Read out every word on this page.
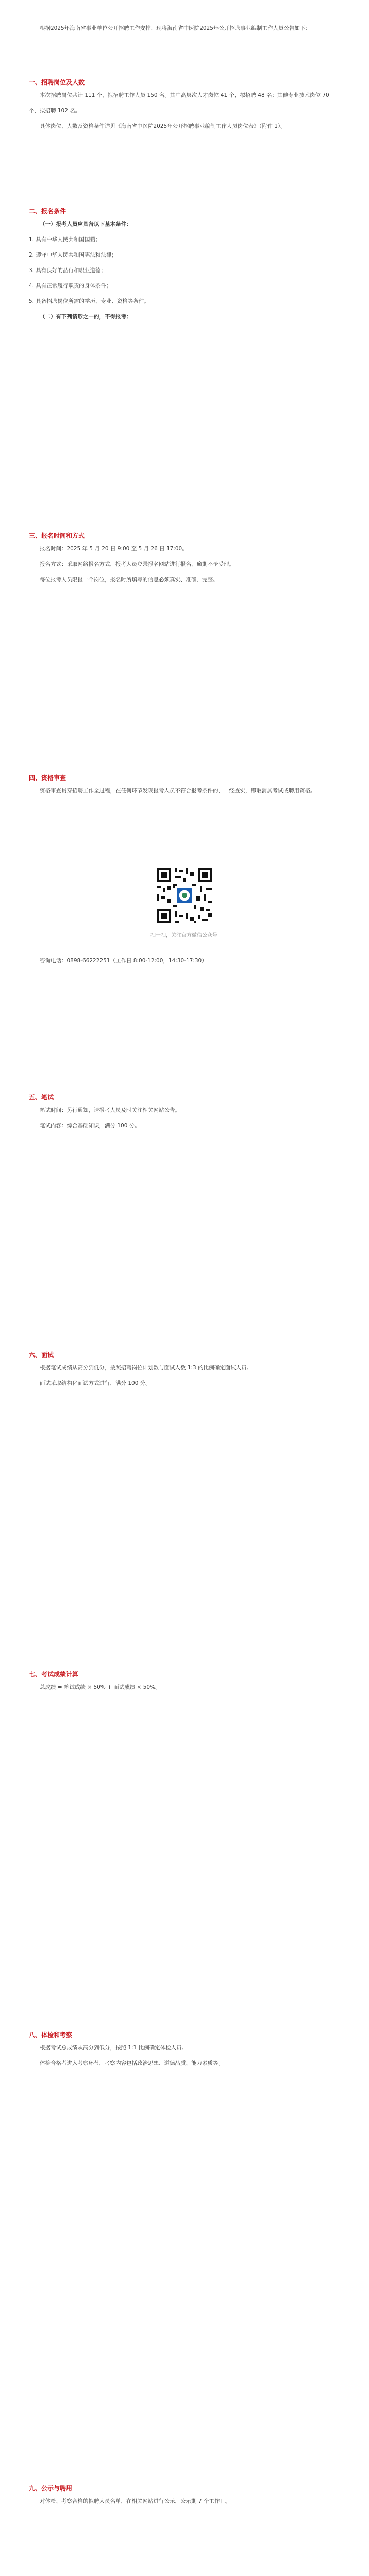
根据2025年海南省事业单位公开招聘工作安排，现将海南省中医院2025年公开招聘事业编制工作人员公告如下：

一、招聘岗位及人数

本次招聘岗位共计 111 个，拟招聘工作人员 150 名。其中高层次人才岗位 41 个，拟招聘 48 名；其他专业技术岗位 70 个，拟招聘 102 名。

具体岗位、人数及资格条件详见《海南省中医院2025年公开招聘事业编制工作人员岗位表》（附件 1）。

二、报名条件

（一）报考人员应具备以下基本条件：

1. 具有中华人民共和国国籍；

2. 遵守中华人民共和国宪法和法律；

3. 具有良好的品行和职业道德；

4. 具有正常履行职责的身体条件；

5. 具备招聘岗位所需的学历、专业、资格等条件。

（二）有下列情形之一的，不得报考：

三、报名时间和方式

报名时间：2025 年 5 月 20 日 9:00 至 5 月 26 日 17:00。

报名方式：采取网络报名方式，报考人员登录报名网站进行报名，逾期不予受理。

每位报考人员限报一个岗位，报名时所填写的信息必须真实、准确、完整。

四、资格审查

资格审查贯穿招聘工作全过程，在任何环节发现报考人员不符合报考条件的，一经查实，即取消其考试或聘用资格。

扫一扫，关注官方微信公众号

咨询电话：0898-66222251（工作日 8:00-12:00，14:30-17:30）

五、笔试

笔试时间：另行通知，请报考人员及时关注相关网站公告。

笔试内容：综合基础知识，满分 100 分。

六、面试

根据笔试成绩从高分到低分，按照招聘岗位计划数与面试人数 1:3 的比例确定面试人员。

面试采取结构化面试方式进行，满分 100 分。

七、考试成绩计算

总成绩 = 笔试成绩 × 50% + 面试成绩 × 50%。

八、体检和考察

根据考试总成绩从高分到低分，按照 1:1 比例确定体检人员。

体检合格者进入考察环节，考察内容包括政治思想、道德品质、能力素质等。

九、公示与聘用

对体检、考察合格的拟聘人员名单，在相关网站进行公示，公示期 7 个工作日。
